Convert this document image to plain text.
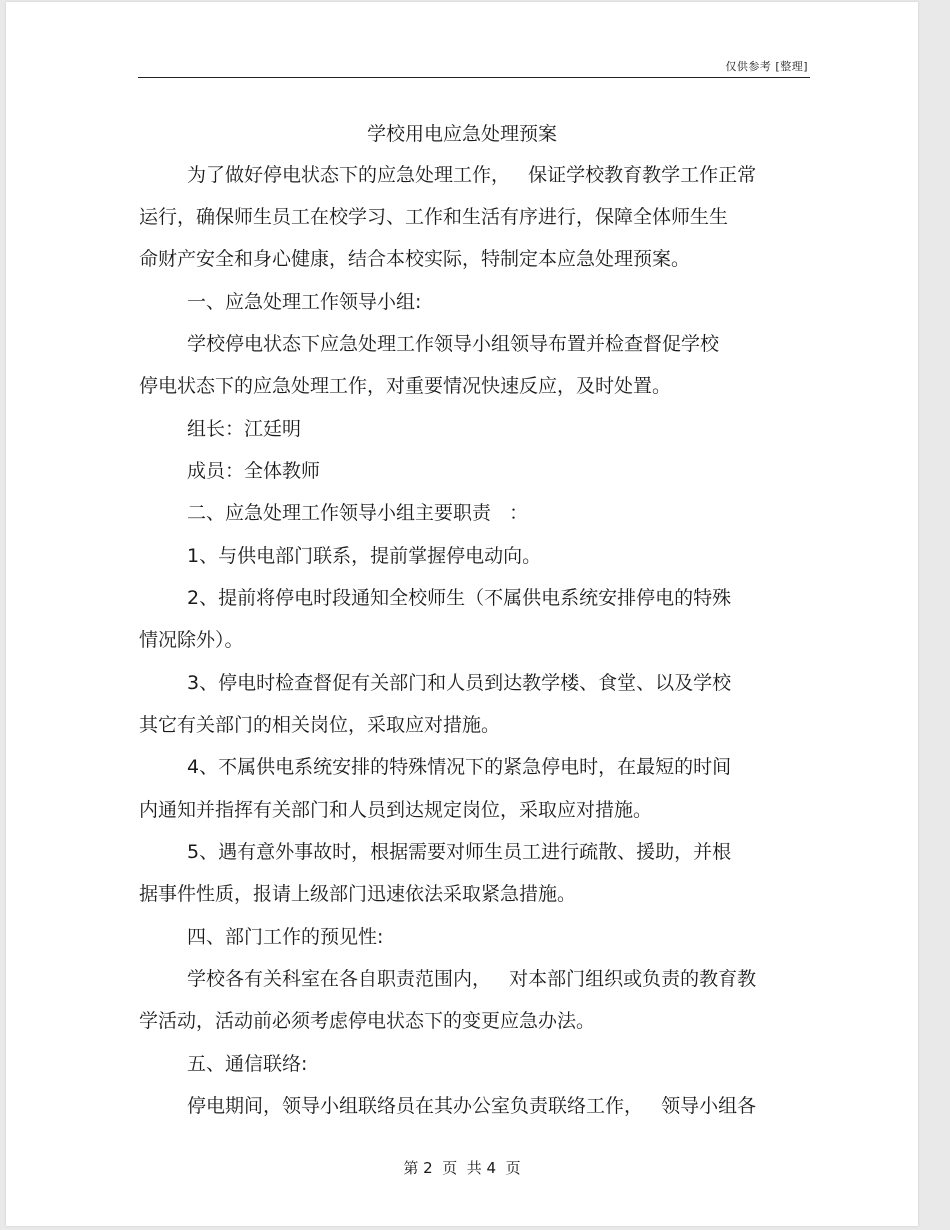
仅供参考 [整理]
学校用电应急处理预案
为了做好停电状态下的应急处理工作，   保证学校教育教学工作正常
运行，确保师生员工在校学习、工作和生活有序进行，保障全体师生生
命财产安全和身心健康，结合本校实际，特制定本应急处理预案。
一、应急处理工作领导小组:
学校停电状态下应急处理工作领导小组领导布置并检查督促学校
停电状态下的应急处理工作，对重要情况快速反应，及时处置。
组长：江廷明
成员：全体教师
二、应急处理工作领导小组主要职责   ：
1、与供电部门联系，提前掌握停电动向。
2、提前将停电时段通知全校师生（不属供电系统安排停电的特殊
情况除外）。
3、停电时检查督促有关部门和人员到达教学楼、食堂、以及学校
其它有关部门的相关岗位，采取应对措施。
4、不属供电系统安排的特殊情况下的紧急停电时，在最短的时间
内通知并指挥有关部门和人员到达规定岗位，采取应对措施。
5、遇有意外事故时，根据需要对师生员工进行疏散、援助，并根
据事件性质，报请上级部门迅速依法采取紧急措施。
四、部门工作的预见性:
学校各有关科室在各自职责范围内，   对本部门组织或负责的教育教
学活动，活动前必须考虑停电状态下的变更应急办法。
五、通信联络:
停电期间，领导小组联络员在其办公室负责联络工作，   领导小组各
第 2  页  共 4  页
